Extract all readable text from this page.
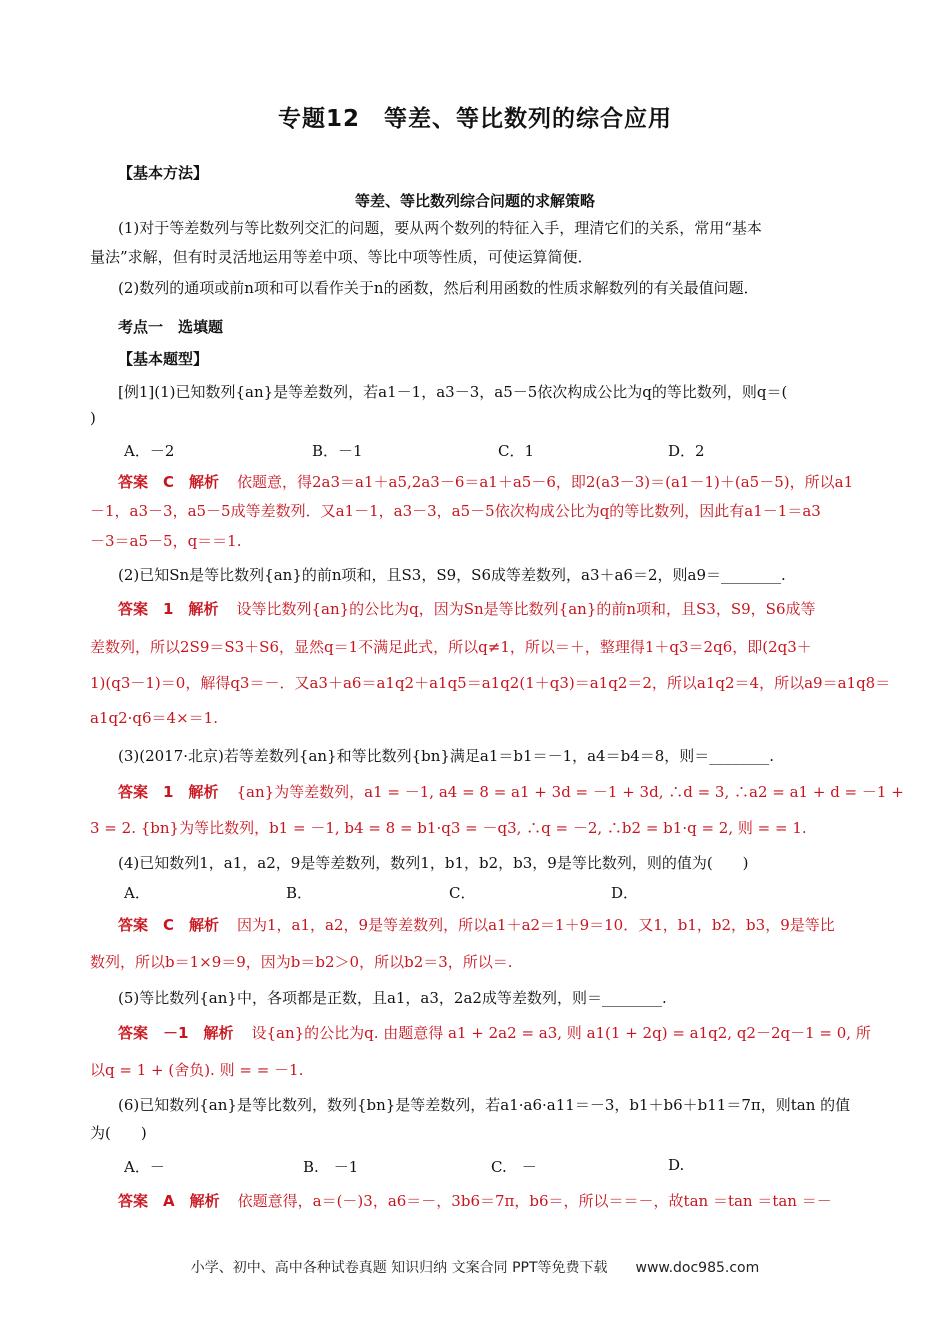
专题12　等差、等比数列的综合应用
【基本方法】
等差、等比数列综合问题的求解策略
(1)对于等差数列与等比数列交汇的问题，要从两个数列的特征入手，理清它们的关系，常用“基本
量法”求解，但有时灵活地运用等差中项、等比中项等性质，可使运算简便．
(2)数列的通项或前n项和可以看作关于n的函数，然后利用函数的性质求解数列的有关最值问题．
考点一　选填题
【基本题型】
[例1](1)已知数列{an}是等差数列，若a1－1，a3－3，a5－5依次构成公比为q的等比数列，则q＝(
)
A．－2	B．－1	C．1	D．2
答案　C　解析 依题意，得2a3＝a1＋a5,2a3－6＝a1＋a5－6，即2(a3－3)＝(a1－1)＋(a5－5)，所以a1
－1，a3－3，a5－5成等差数列．又a1－1，a3－3，a5－5依次构成公比为q的等比数列，因此有a1－1＝a3
－3＝a5－5，q＝＝1.
(2)已知Sn是等比数列{an}的前n项和，且S3，S9，S6成等差数列，a3＋a6＝2，则a9＝________.
答案　1　解析 设等比数列{an}的公比为q，因为Sn是等比数列{an}的前n项和，且S3，S9，S6成等
差数列，所以2S9＝S3＋S6，显然q＝1不满足此式，所以q≠1，所以＝＋，整理得1＋q3＝2q6，即(2q3＋
1)(q3－1)＝0，解得q3＝－．又a3＋a6＝a1q2＋a1q5＝a1q2(1＋q3)＝a1q2＝2，所以a1q2＝4，所以a9＝a1q8＝
a1q2·q6＝4×＝1.
(3)(2017·北京)若等差数列{an}和等比数列{bn}满足a1＝b1＝－1，a4＝b4＝8，则＝________.
答案　1　解析 {an}为等差数列，a1 = －1, a4 = 8 = a1 + 3d = －1 + 3d, ∴d = 3, ∴a2 = a1 + d = －1 +
3 = 2. {bn}为等比数列，b1 = －1, b4 = 8 = b1·q3 = －q3, ∴q = －2, ∴b2 = b1·q = 2, 则 = = 1.
(4)已知数列1，a1，a2，9是等差数列，数列1，b1，b2，b3，9是等比数列，则的值为(　　)
A．	B．	C．	D．
答案　C　解析 因为1，a1，a2，9是等差数列，所以a1＋a2＝1＋9＝10．又1，b1，b2，b3，9是等比
数列，所以b＝1×9＝9，因为b＝b2＞0，所以b2＝3，所以＝.
(5)等比数列{an}中，各项都是正数，且a1，a3，2a2成等差数列，则＝________.
答案　－1　解析 设{an}的公比为q. 由题意得 a1 + 2a2 = a3, 则 a1(1 + 2q) = a1q2, q2－2q－1 = 0, 所
以q = 1 + (舍负). 则 = = －1.
(6)已知数列{an}是等比数列，数列{bn}是等差数列，若a1·a6·a11＝－3，b1＋b6＋b11＝7π，则tan 的值
为(　　)
A．－	B.　－1	C.　－	D.
答案　A　解析 依题意得，a＝(－)3，a6＝－，3b6＝7π，b6＝，所以＝＝－，故tan ＝tan ＝tan ＝－
小学、初中、高中各种试卷真题 知识归纳 文案合同 PPT等免费下载　　www.doc985.com
